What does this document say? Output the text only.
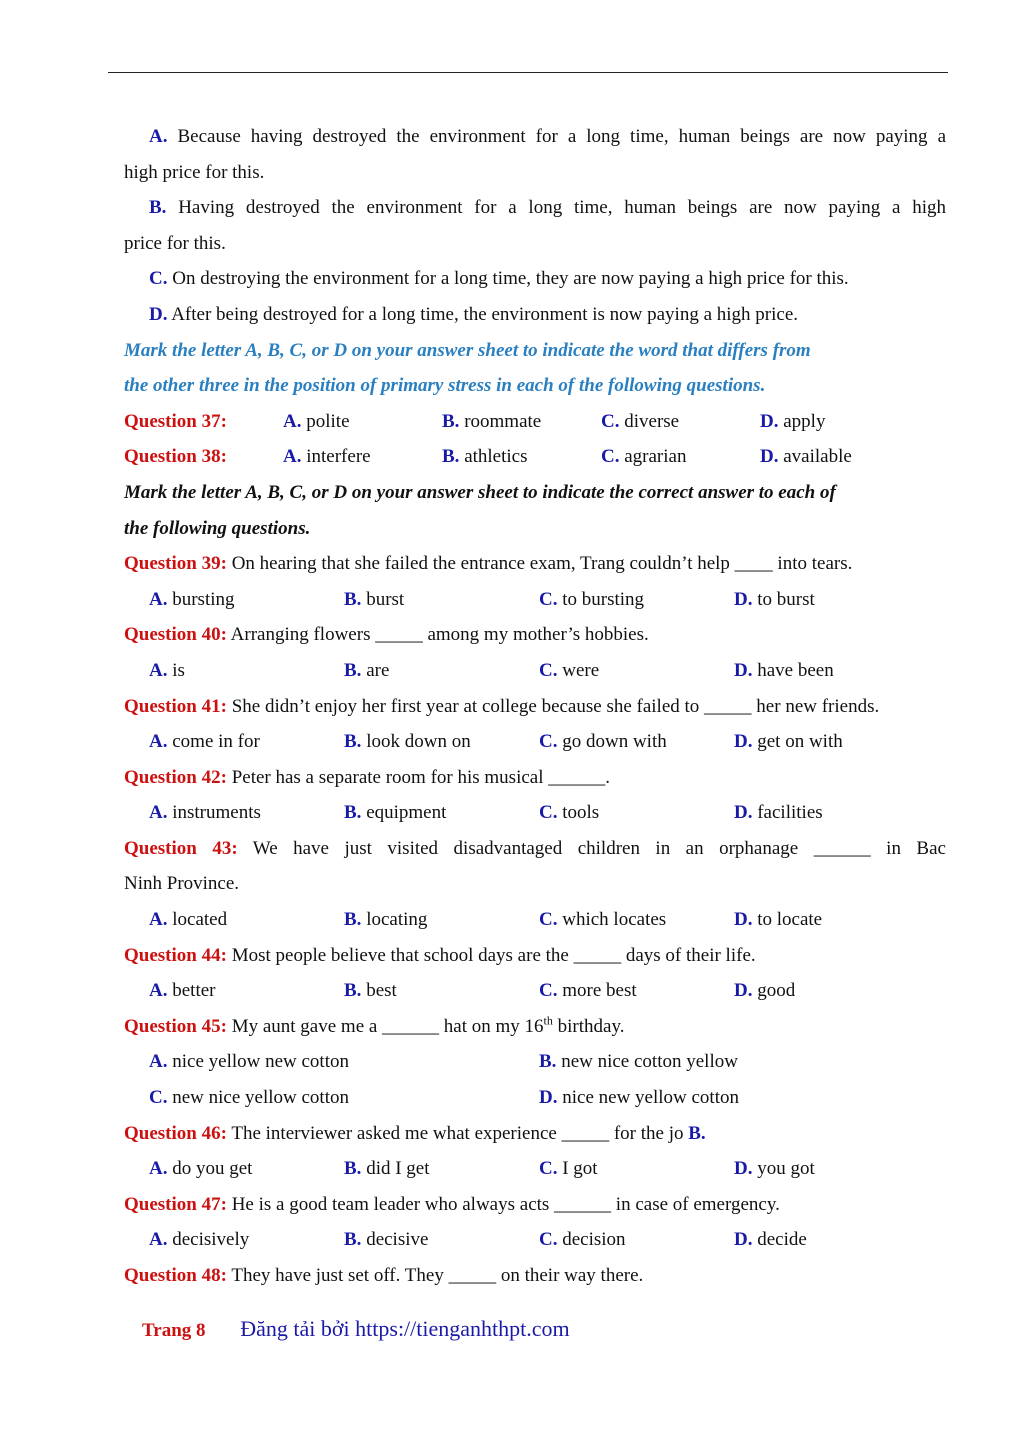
A. Because having destroyed the environment for a long time, human beings are now paying a
high price for this.
B. Having destroyed the environment for a long time, human beings are now paying a high
price for this.
C. On destroying the environment for a long time, they are now paying a high price for this.
D. After being destroyed for a long time, the environment is now paying a high price.
Mark the letter A, B, C, or D on your answer sheet to indicate the word that differs from
the other three in the position of primary stress in each of the following questions.
Question 37:	A. polite	B. roommate	C. diverse	D. apply
Question 38:	A. interfere	B. athletics	C. agrarian	D. available
Mark the letter A, B, C, or D on your answer sheet to indicate the correct answer to each of
the following questions.
Question 39: On hearing that she failed the entrance exam, Trang couldn’t help ____ into tears.
A. bursting	B. burst	C. to bursting	D. to burst
Question 40: Arranging flowers _____ among my mother’s hobbies.
A. is	B. are	C. were	D. have been
Question 41: She didn’t enjoy her first year at college because she failed to _____ her new friends.
A. come in for	B. look down on	C. go down with	D. get on with
Question 42: Peter has a separate room for his musical ______.
A. instruments	B. equipment	C. tools	D. facilities
Question 43: We have just visited disadvantaged children in an orphanage ______ in Bac
Ninh Province.
A. located	B. locating	C. which locates	D. to locate
Question 44: Most people believe that school days are the _____ days of their life.
A. better	B. best	C. more best	D. good
Question 45: My aunt gave me a ______ hat on my 16th birthday.
A. nice yellow new cotton	B. new nice cotton yellow
C. new nice yellow cotton	D. nice new yellow cotton
Question 46: The interviewer asked me what experience _____ for the jo B.
A. do you get	B. did I get	C. I got	D. you got
Question 47: He is a good team leader who always acts ______ in case of emergency.
A. decisively	B. decisive	C. decision	D. decide
Question 48: They have just set off. They _____ on their way there.
Trang 8 Đăng tải bởi https://tienganhthpt.com
